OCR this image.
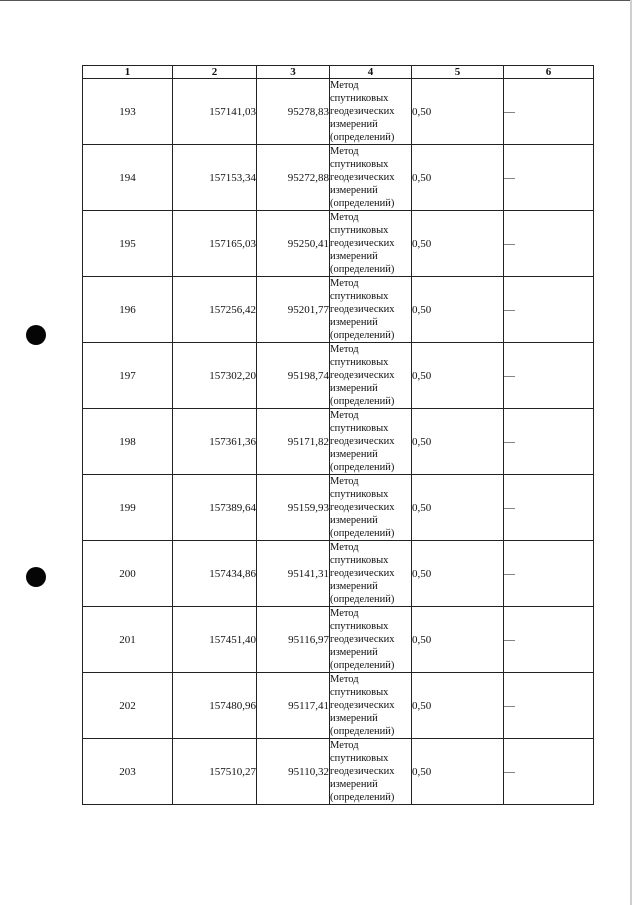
1	2	3	4	5	6
193	157141,03	95278,83	Метод
спутниковых
геодезических
измерений
(определений)	0,50	—
194	157153,34	95272,88	Метод
спутниковых
геодезических
измерений
(определений)	0,50	—
195	157165,03	95250,41	Метод
спутниковых
геодезических
измерений
(определений)	0,50	—
196	157256,42	95201,77	Метод
спутниковых
геодезических
измерений
(определений)	0,50	—
197	157302,20	95198,74	Метод
спутниковых
геодезических
измерений
(определений)	0,50	—
198	157361,36	95171,82	Метод
спутниковых
геодезических
измерений
(определений)	0,50	—
199	157389,64	95159,93	Метод
спутниковых
геодезических
измерений
(определений)	0,50	—
200	157434,86	95141,31	Метод
спутниковых
геодезических
измерений
(определений)	0,50	—
201	157451,40	95116,97	Метод
спутниковых
геодезических
измерений
(определений)	0,50	—
202	157480,96	95117,41	Метод
спутниковых
геодезических
измерений
(определений)	0,50	—
203	157510,27	95110,32	Метод
спутниковых
геодезических
измерений
(определений)	0,50	—
